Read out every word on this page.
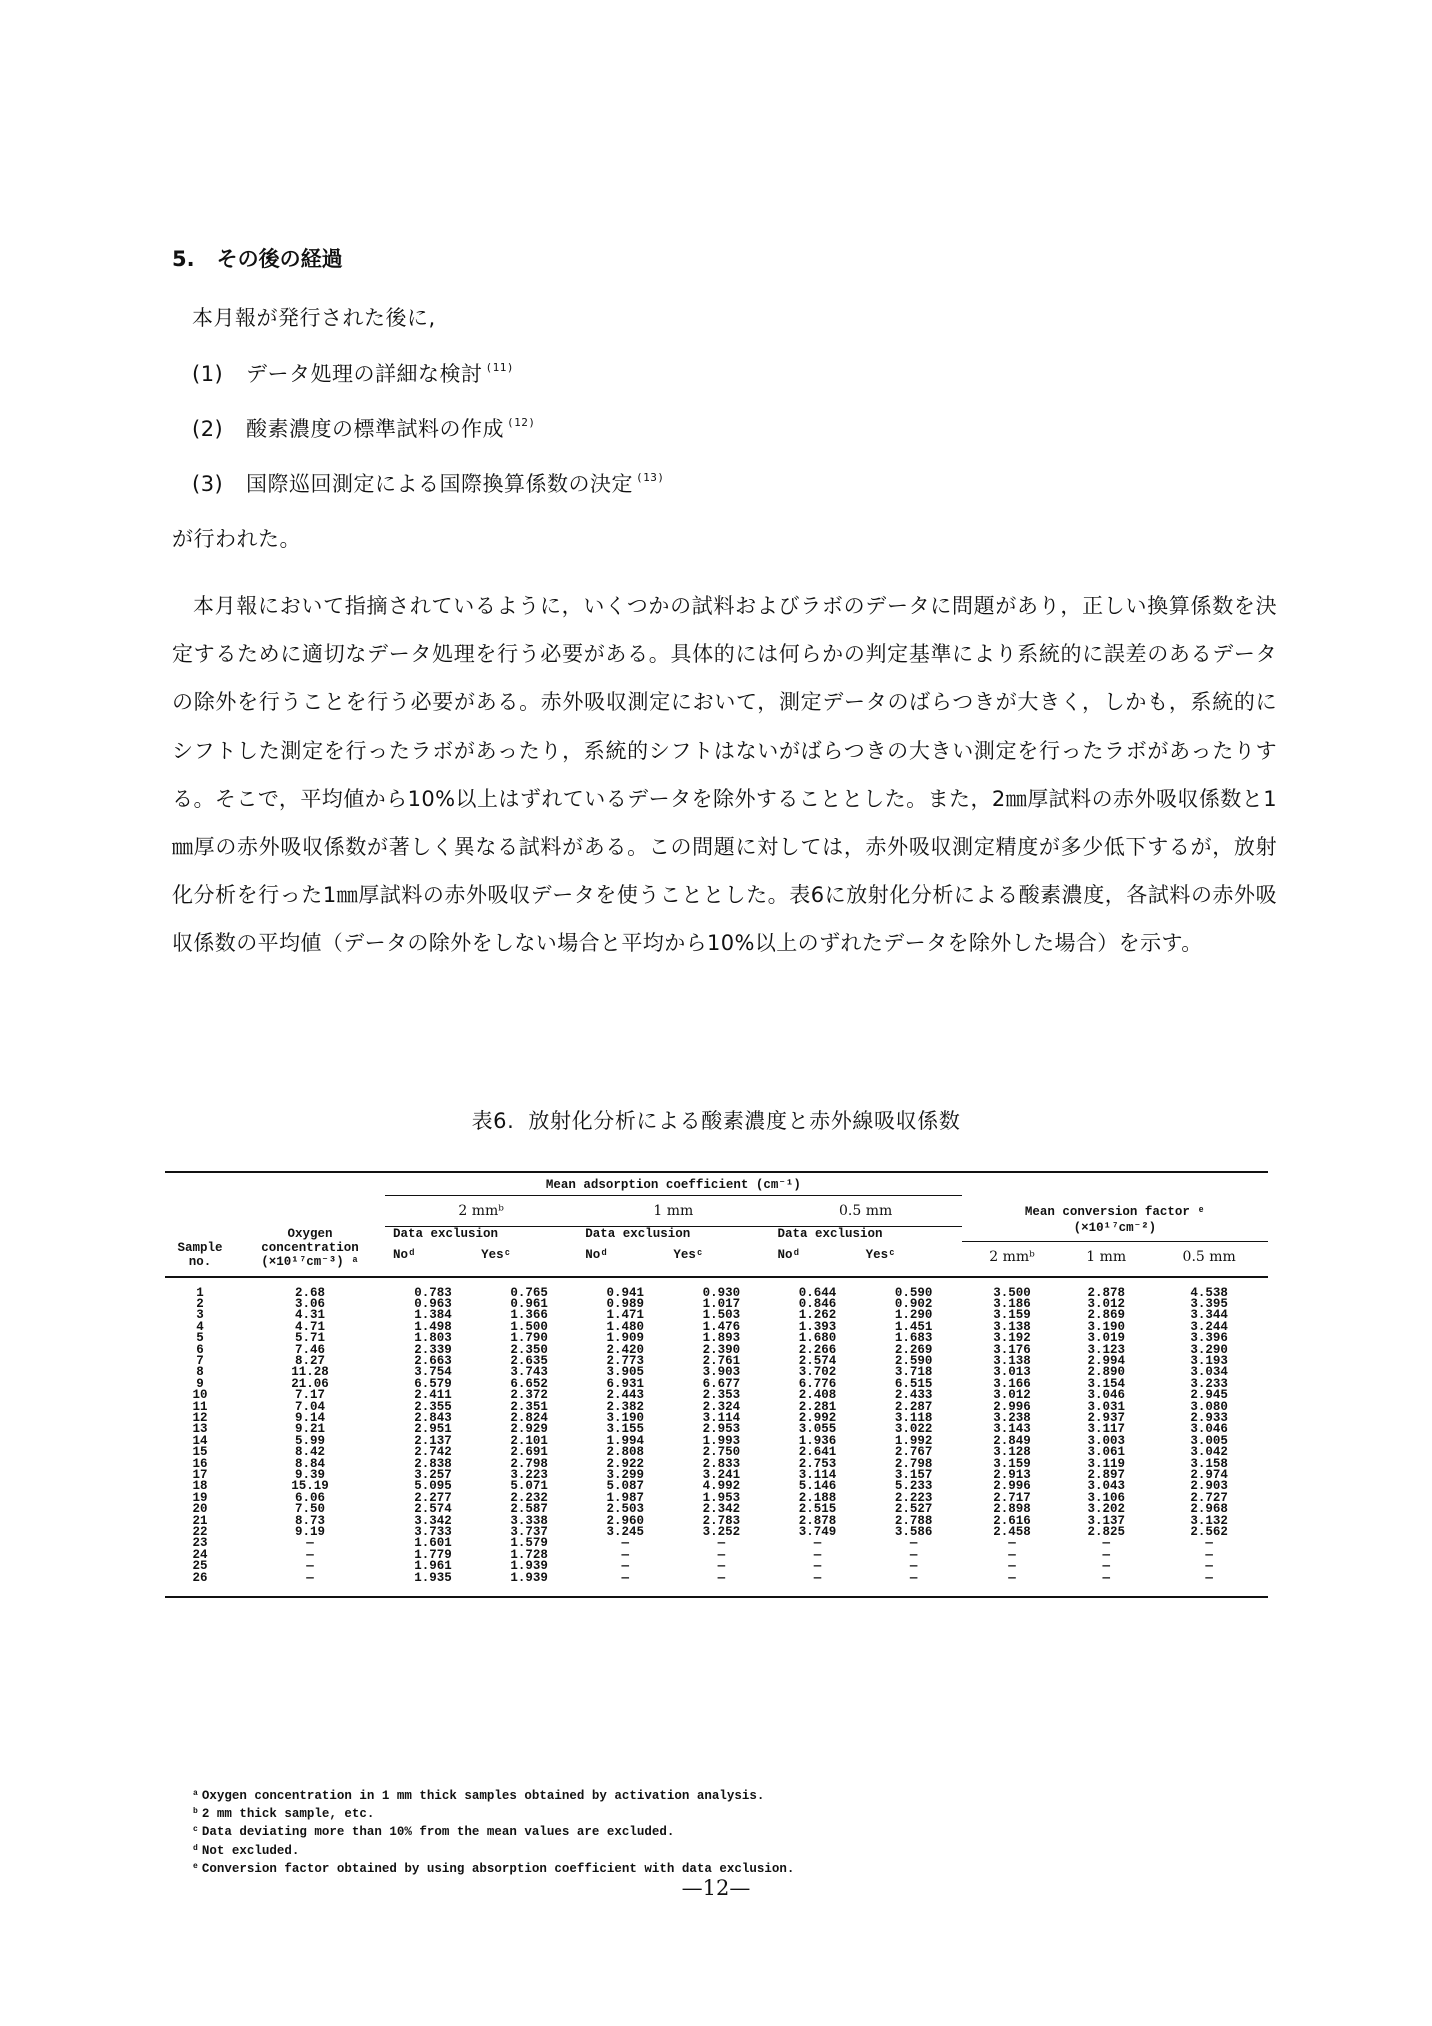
5. その後の経過
本月報が発行された後に,
(1) データ処理の詳細な検討 $^{(11)}$
(2) 酸素濃度の標準試料の作成 $^{(12)}$
(3) 国際巡回測定による国際換算係数の決定 $^{(13)}$
が行われた。

本月報において指摘されているように，いくつかの試料およびラボのデータに問題があり，正しい換算係数を決定するために適切なデータ処理を行う必要がある。具体的には何らかの判定基準により系統的に誤差のあるデータの除外を行うことを行う必要がある。赤外吸収測定において，測定データのばらつきが大きく，しかも，系統的にシフトした測定を行ったラボがあったり，系統的シフトはないがばらつきの大きい測定を行ったラボがあったりする。そこで，平均値から10%以上はずれているデータを除外することとした。また，2㎜厚試料の赤外吸収係数と1㎜厚の赤外吸収係数が著しく異なる試料がある。この問題に対しては，赤外吸収測定精度が多少低下するが，放射化分析を行った1㎜厚試料の赤外吸収データを使うこととした。表6に放射化分析による酸素濃度，各試料の赤外吸収係数の平均値（データの除外をしない場合と平均から10%以上のずれたデータを除外した場合）を示す。

表6. 放射化分析による酸素濃度と赤外線吸収係数
		Mean adsorption coefficient (cm⁻¹)								
		2 mmᵇ		1 mm		0.5 mm		Mean conversion factor ᵉ
(×10¹⁷cm⁻²)		

	Oxygen	Data exclusion		Data exclusion		Data exclusion				
Sample no.	concentration
(×10¹⁷cm⁻³) ᵃ	Noᵈ	Yesᶜ	Noᵈ	Yesᶜ	Noᵈ	Yesᶜ	2 mmᵇ	1 mm	0.5 mm
1	2.68	0.783	0.765	0.941	0.930	0.644	0.590	3.500	2.878	4.538
2	3.06	0.963	0.961	0.989	1.017	0.846	0.902	3.186	3.012	3.395
3	4.31	1.384	1.366	1.471	1.503	1.262	1.290	3.159	2.869	3.344
4	4.71	1.498	1.500	1.480	1.476	1.393	1.451	3.138	3.190	3.244
5	5.71	1.803	1.790	1.909	1.893	1.680	1.683	3.192	3.019	3.396
6	7.46	2.339	2.350	2.420	2.390	2.266	2.269	3.176	3.123	3.290
7	8.27	2.663	2.635	2.773	2.761	2.574	2.590	3.138	2.994	3.193
8	11.28	3.754	3.743	3.905	3.903	3.702	3.718	3.013	2.890	3.034
9	21.06	6.579	6.652	6.931	6.677	6.776	6.515	3.166	3.154	3.233
10	7.17	2.411	2.372	2.443	2.353	2.408	2.433	3.012	3.046	2.945
11	7.04	2.355	2.351	2.382	2.324	2.281	2.287	2.996	3.031	3.080
12	9.14	2.843	2.824	3.190	3.114	2.992	3.118	3.238	2.937	2.933
13	9.21	2.951	2.929	3.155	2.953	3.055	3.022	3.143	3.117	3.046
14	5.99	2.137	2.101	1.994	1.993	1.936	1.992	2.849	3.003	3.005
15	8.42	2.742	2.691	2.808	2.750	2.641	2.767	3.128	3.061	3.042
16	8.84	2.838	2.798	2.922	2.833	2.753	2.798	3.159	3.119	3.158
17	9.39	3.257	3.223	3.299	3.241	3.114	3.157	2.913	2.897	2.974
18	15.19	5.095	5.071	5.087	4.992	5.146	5.233	2.996	3.043	2.903
19	6.06	2.277	2.232	1.987	1.953	2.188	2.223	2.717	3.106	2.727
20	7.50	2.574	2.587	2.503	2.342	2.515	2.527	2.898	3.202	2.968
21	8.73	3.342	3.338	2.960	2.783	2.878	2.788	2.616	3.137	3.132
22	9.19	3.733	3.737	3.245	3.252	3.749	3.586	2.458	2.825	2.562
23	—	1.601	1.579	—	—	—	—	—	—	—
24	—	1.779	1.728	—	—	—	—	—	—	—
25	—	1.961	1.939	—	—	—	—	—	—	—
26	—	1.935	1.939	—	—	—	—	—	—	—
$^a$ Oxygen concentration in 1 mm thick samples obtained by activation analysis.
$^b$ 2 mm thick sample, etc.
$^c$ Data deviating more than 10% from the mean values are excluded.
$^d$ Not excluded.
$^e$ Conversion factor obtained by using absorption coefficient with data exclusion.
—12—
